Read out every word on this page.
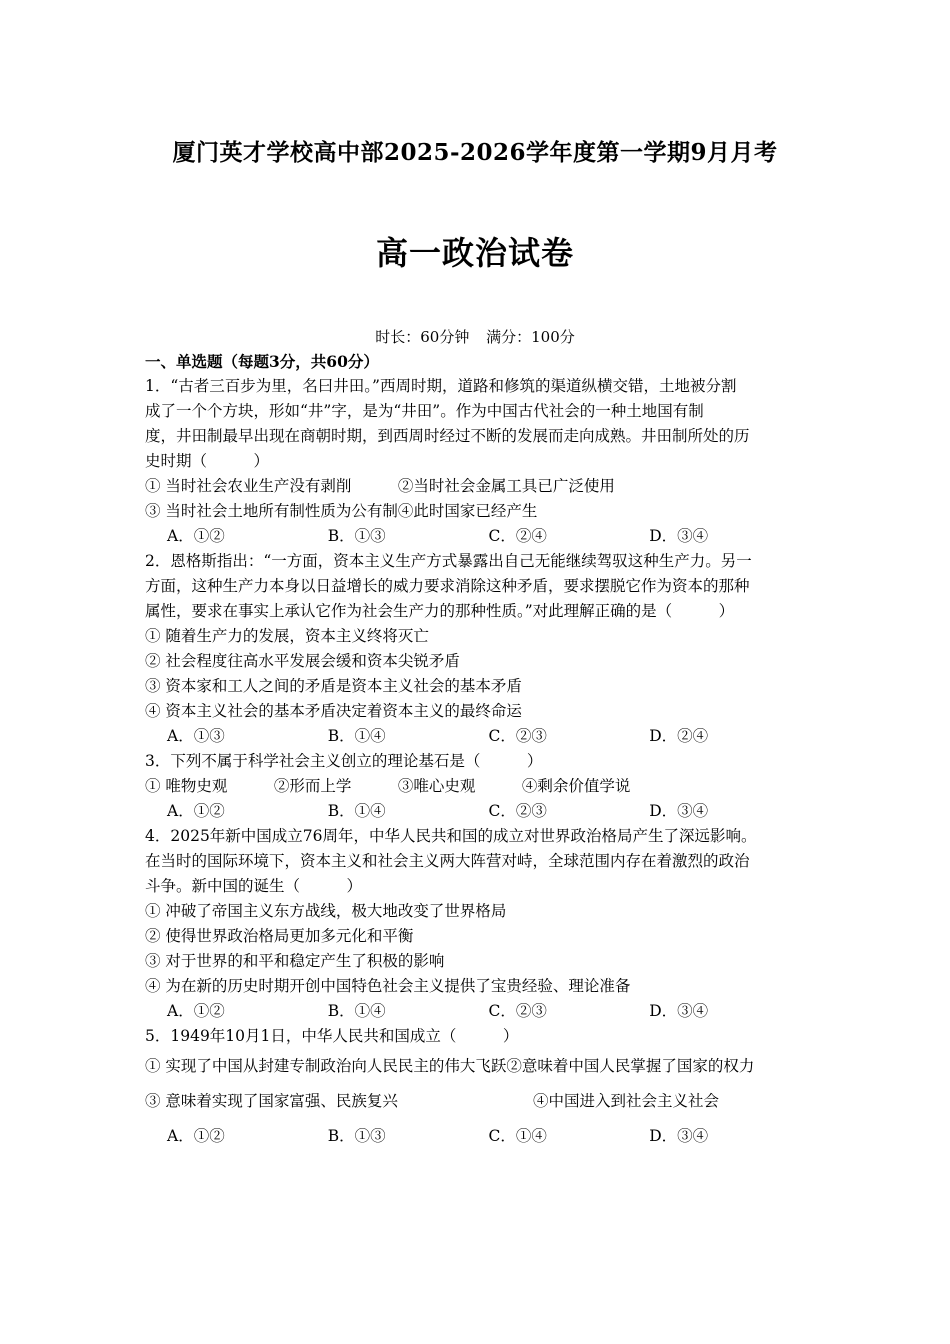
厦门英才学校高中部2025-2026学年度第一学期9月月考
高一政治试卷
时长：60分钟 满分：100分
一、单选题（每题3分，共60分）
1．“古者三百步为里，名曰井田。”西周时期，道路和修筑的渠道纵横交错，土地被分割
成了一个个方块，形如“井”字，是为“井田”。作为中国古代社会的一种土地国有制
度，井田制最早出现在商朝时期，到西周时经过不断的发展而走向成熟。井田制所处的历
史时期（　　　）
① 当时社会农业生产没有剥削　　　②当时社会金属工具已广泛使用
③ 当时社会土地所有制性质为公有制④此时国家已经产生
A．①②	B．①③	C．②④	D．③④
2．恩格斯指出：“一方面，资本主义生产方式暴露出自己无能继续驾驭这种生产力。另一
方面，这种生产力本身以日益增长的威力要求消除这种矛盾，要求摆脱它作为资本的那种
属性，要求在事实上承认它作为社会生产力的那种性质。”对此理解正确的是（　　　）
① 随着生产力的发展，资本主义终将灭亡
② 社会程度往高水平发展会缓和资本尖锐矛盾
③ 资本家和工人之间的矛盾是资本主义社会的基本矛盾
④ 资本主义社会的基本矛盾决定着资本主义的最终命运
A．①③	B．①④	C．②③	D．②④
3．下列不属于科学社会主义创立的理论基石是（　　　）
① 唯物史观　　　②形而上学　　　③唯心史观　　　④剩余价值学说
A．①②	B．①④	C．②③	D．③④
4．2025年新中国成立76周年，中华人民共和国的成立对世界政治格局产生了深远影响。
在当时的国际环境下，资本主义和社会主义两大阵营对峙，全球范围内存在着激烈的政治
斗争。新中国的诞生（　　　）
① 冲破了帝国主义东方战线，极大地改变了世界格局
② 使得世界政治格局更加多元化和平衡
③ 对于世界的和平和稳定产生了积极的影响
④ 为在新的历史时期开创中国特色社会主义提供了宝贵经验、理论准备
A．①②	B．①④	C．②③	D．③④
5．1949年10月1日，中华人民共和国成立（　　　）
① 实现了中国从封建专制政治向人民民主的伟大飞跃②意味着中国人民掌握了国家的权力
③ 意味着实现了国家富强、民族复兴	④中国进入到社会主义社会
A．①②	B．①③	C．①④	D．③④
